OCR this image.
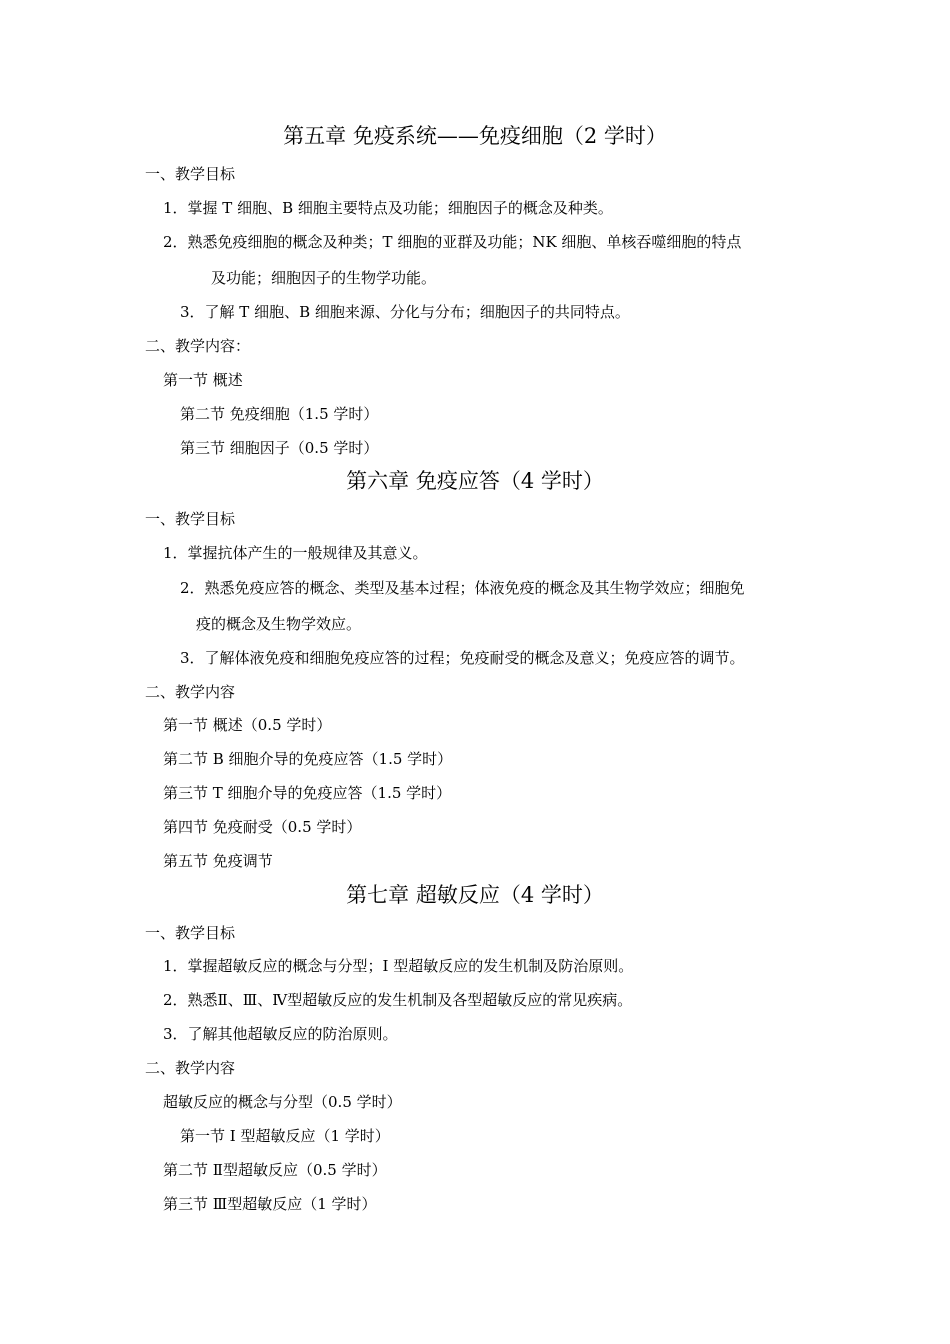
第五章 免疫系统——免疫细胞（2 学时）
一、教学目标
1．掌握 T 细胞、B 细胞主要特点及功能；细胞因子的概念及种类。
2．熟悉免疫细胞的概念及种类；T 细胞的亚群及功能；NK 细胞、单核吞噬细胞的特点
及功能；细胞因子的生物学功能。
3．了解 T 细胞、B 细胞来源、分化与分布；细胞因子的共同特点。
二、教学内容：
第一节 概述
第二节 免疫细胞（1.5 学时）
第三节 细胞因子（0.5 学时）
第六章 免疫应答（4 学时）
一、教学目标
1．掌握抗体产生的一般规律及其意义。
2．熟悉免疫应答的概念、类型及基本过程；体液免疫的概念及其生物学效应；细胞免
疫的概念及生物学效应。
3．了解体液免疫和细胞免疫应答的过程；免疫耐受的概念及意义；免疫应答的调节。
二、教学内容
第一节 概述（0.5 学时）
第二节 B 细胞介导的免疫应答（1.5 学时）
第三节 T 细胞介导的免疫应答（1.5 学时）
第四节 免疫耐受（0.5 学时）
第五节 免疫调节
第七章 超敏反应（4 学时）
一、教学目标
1．掌握超敏反应的概念与分型；I 型超敏反应的发生机制及防治原则。
2．熟悉Ⅱ、Ⅲ、Ⅳ型超敏反应的发生机制及各型超敏反应的常见疾病。
3．了解其他超敏反应的防治原则。
二、教学内容
超敏反应的概念与分型（0.5 学时）
第一节 I 型超敏反应（1 学时）
第二节 Ⅱ型超敏反应（0.5 学时）
第三节 Ⅲ型超敏反应（1 学时）
